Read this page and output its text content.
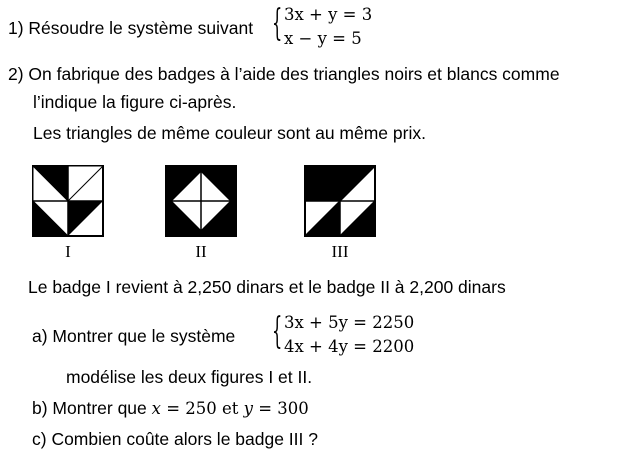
1) Résoudre le système suivant { 3x + y = 3
x − y = 5
2) On fabrique des badges à l’aide des triangles noirs et blancs comme
l’indique la figure ci-après.
Les triangles de même couleur sont au même prix.
I	II	III
Le badge I revient à 2,250 dinars et le badge II à 2,200 dinars
a) Montrer que le système { 3x + 5y = 2250
4x + 4y = 2200
modélise les deux figures I et II.
b) Montrer que x = 250 et y = 300
c) Combien coûte alors le badge III ?
